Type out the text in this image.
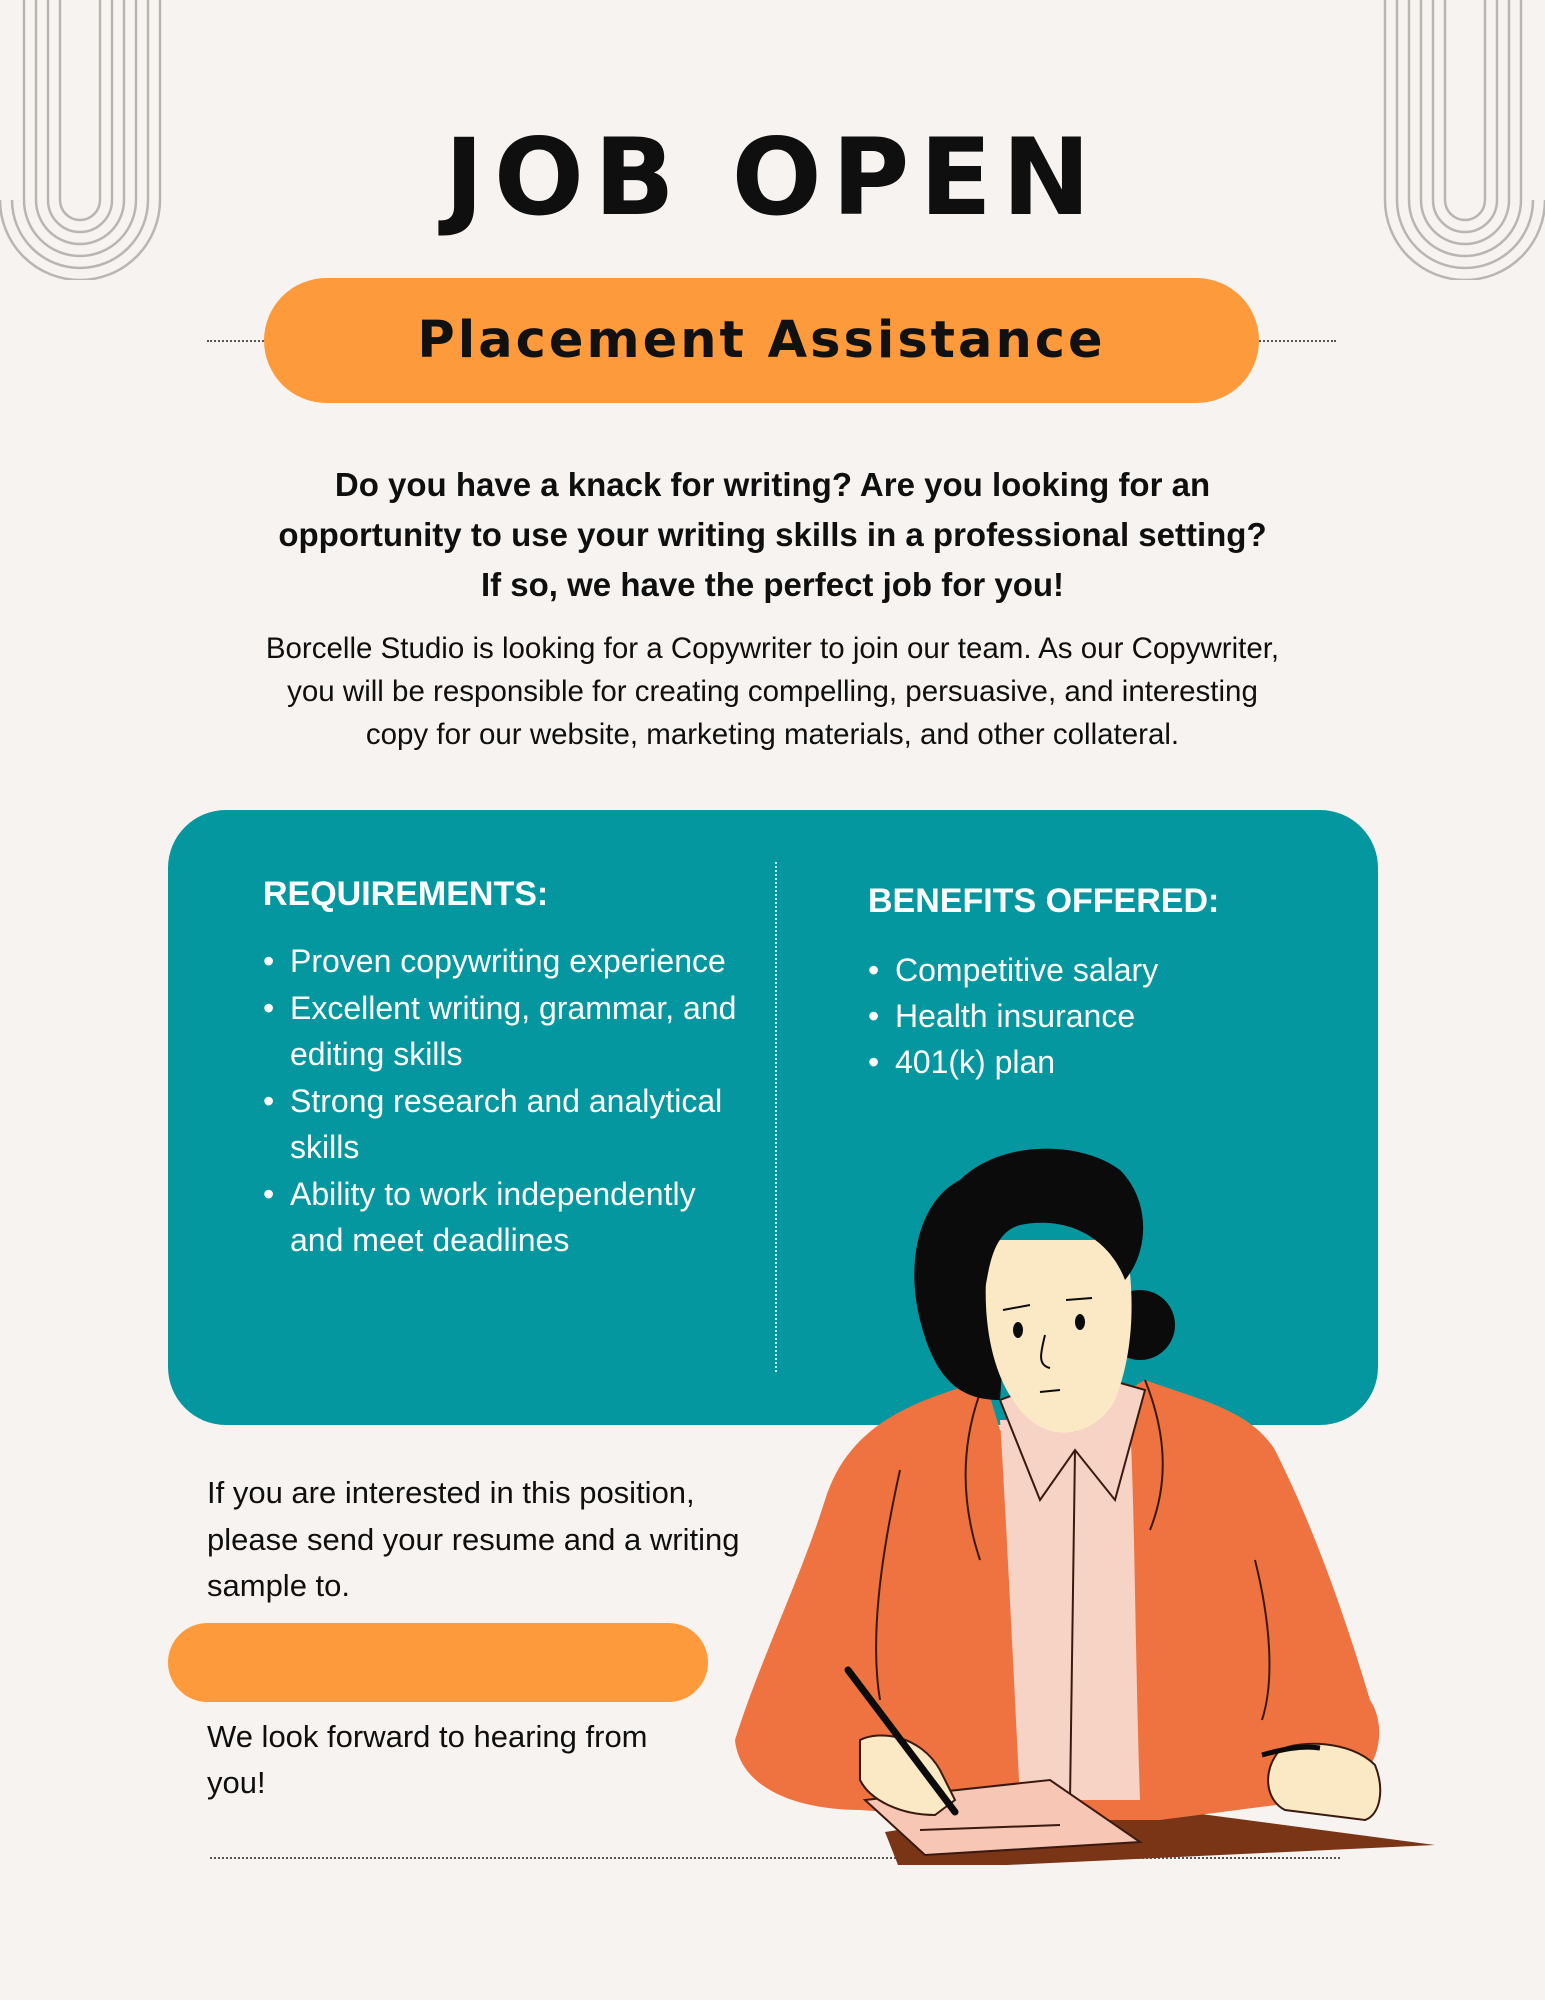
JOB OPEN
Placement Assistance
Do you have a knack for writing? Are you looking for an
opportunity to use your writing skills in a professional setting?
If so, we have the perfect job for you!
Borcelle Studio is looking for a Copywriter to join our team. As our Copywriter,
you will be responsible for creating compelling, persuasive, and interesting
copy for our website, marketing materials, and other collateral.
REQUIREMENTS:
• Proven copywriting experience
• Excellent writing, grammar, and editing skills
• Strong research and analytical skills
• Ability to work independently and meet deadlines
BENEFITS OFFERED:
• Competitive salary
• Health insurance
• 401(k) plan
If you are interested in this position, please send your resume and a writing sample to.
We look forward to hearing from you!
